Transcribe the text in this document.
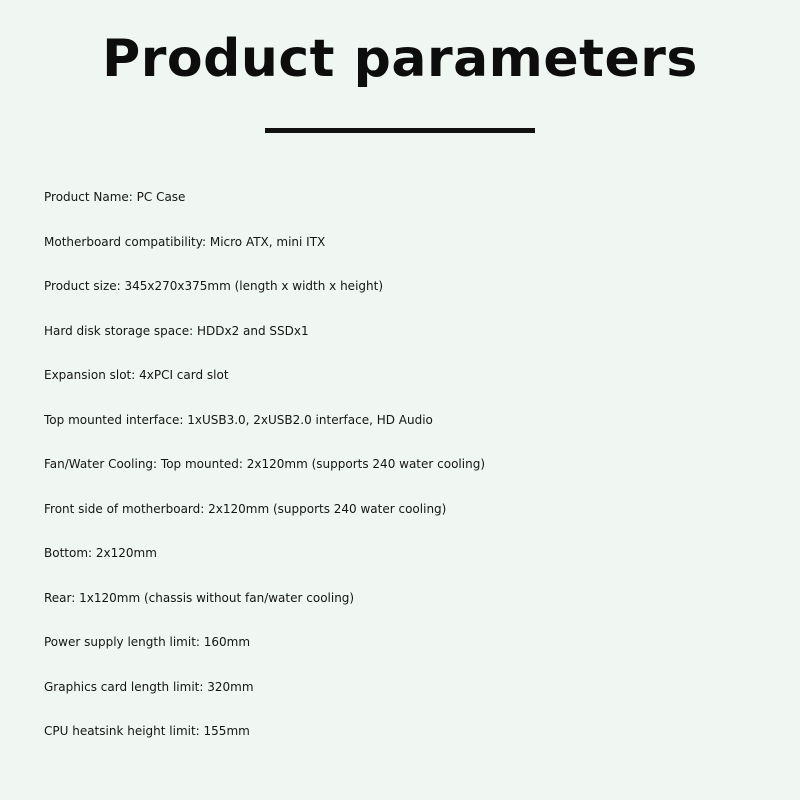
Product parameters
Product Name: PC Case
Motherboard compatibility: Micro ATX, mini ITX
Product size: 345x270x375mm (length x width x height)
Hard disk storage space: HDDx2 and SSDx1
Expansion slot: 4xPCI card slot
Top mounted interface: 1xUSB3.0, 2xUSB2.0 interface, HD Audio
Fan/Water Cooling: Top mounted: 2x120mm (supports 240 water cooling)
Front side of motherboard: 2x120mm (supports 240 water cooling)
Bottom: 2x120mm
Rear: 1x120mm (chassis without fan/water cooling)
Power supply length limit: 160mm
Graphics card length limit: 320mm
CPU heatsink height limit: 155mm
